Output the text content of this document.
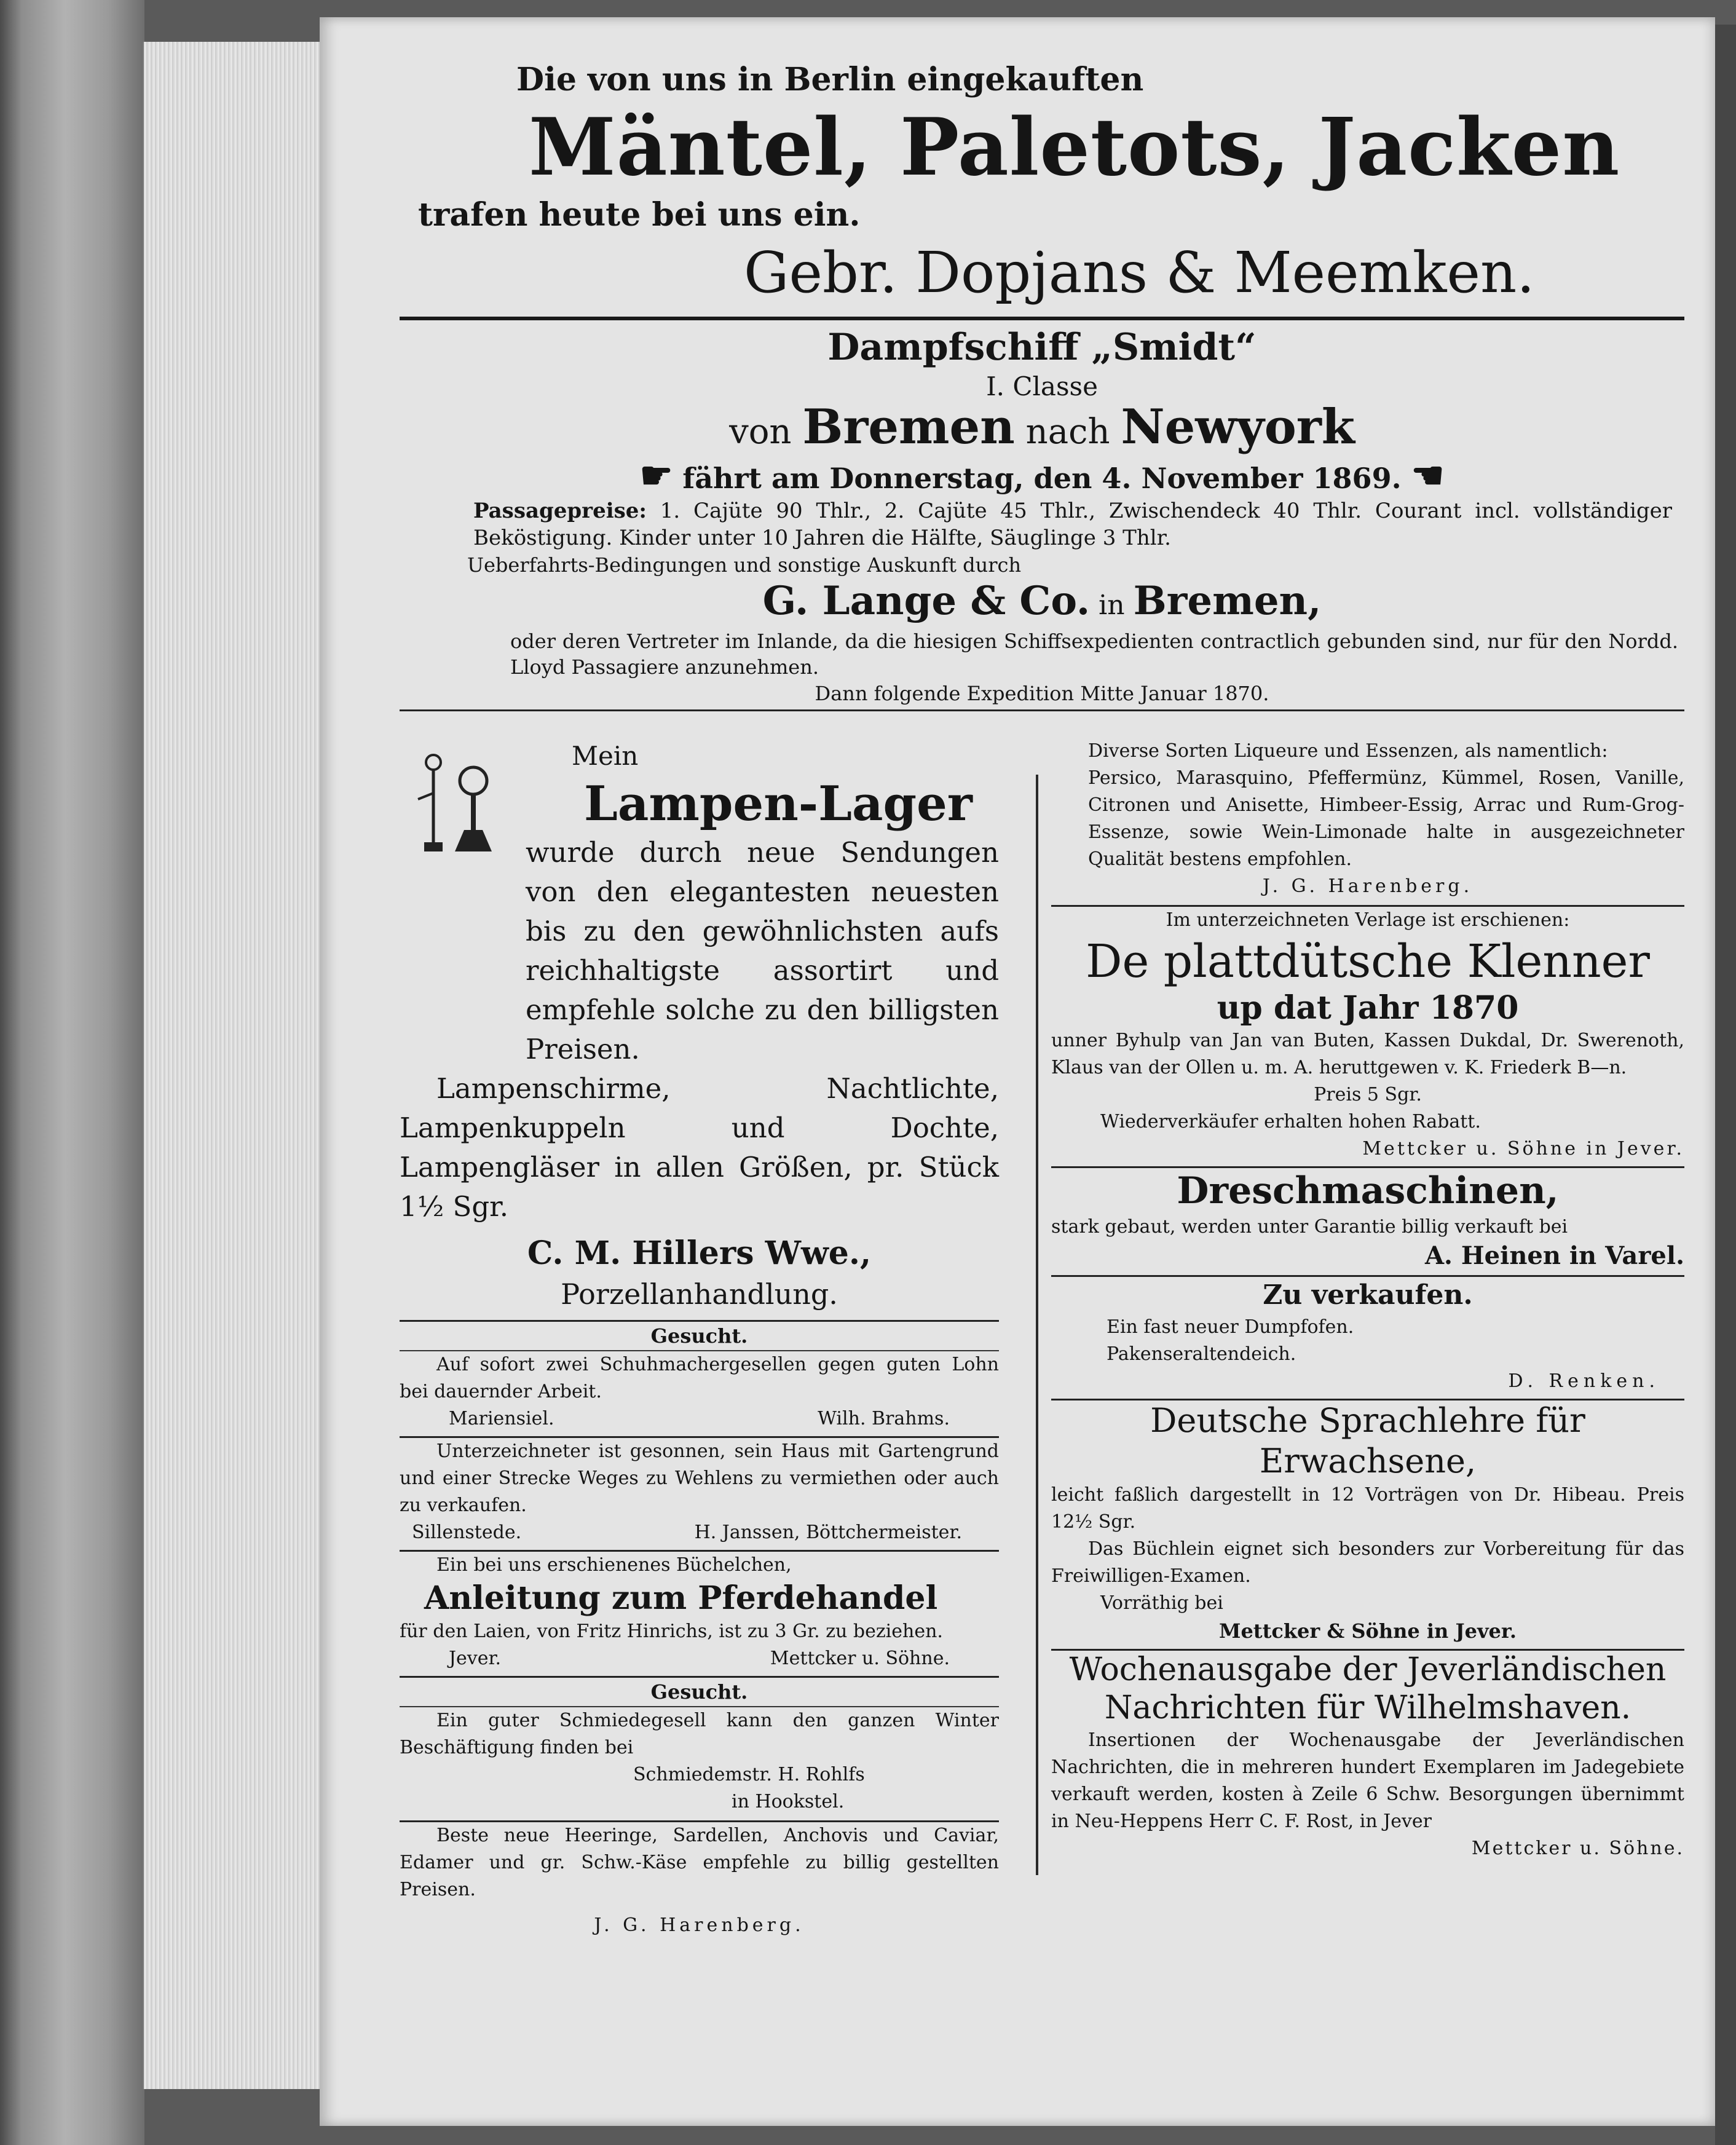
Die von uns in Berlin eingekauften

Mäntel, Paletots, Jacken

trafen heute bei uns ein.

Gebr. Dopjans & Meemken.

Dampfschiff „Smidt“

I. Classe

von Bremen nach Newyork

☛ fährt am Donnerstag, den 4. November 1869. ☚

Passagepreise: 1. Cajüte 90 Thlr., 2. Cajüte 45 Thlr., Zwischendeck 40 Thlr. Courant incl. vollständiger Beköstigung. Kinder unter 10 Jahren die Hälfte, Säuglinge 3 Thlr.

Ueberfahrts-Bedingungen und sonstige Auskunft durch

G. Lange & Co. in Bremen,

oder deren Vertreter im Inlande, da die hiesigen Schiffsexpedienten contractlich gebunden sind, nur für den Nordd. Lloyd Passagiere anzunehmen.

Dann folgende Expedition Mitte Januar 1870.

Mein

Lampen-Lager

wurde durch neue Sendungen von den elegantesten neuesten bis zu den gewöhnlichsten aufs reichhaltigste assortirt und empfehle solche zu den billigsten Preisen.

Lampenschirme, Nachtlichte, Lampenkuppeln und Dochte, Lampengläser in allen Größen, pr. Stück 1½ Sgr.

C. M. Hillers Wwe.,

Porzellanhandlung.

Gesucht.

Auf sofort zwei Schuhmachergesellen gegen guten Lohn bei dauernder Arbeit.

Mariensiel.	Wilh. Brahms.

Unterzeichneter ist gesonnen, sein Haus mit Gartengrund und einer Strecke Weges zu Wehlens zu vermiethen oder auch zu verkaufen.

Sillenstede.	H. Janssen, Böttchermeister.

Ein bei uns erschienenes Büchelchen,

Anleitung zum Pferdehandel

für den Laien, von Fritz Hinrichs, ist zu 3 Gr. zu beziehen.

Jever.	Mettcker u. Söhne.

Gesucht.

Ein guter Schmiedegesell kann den ganzen Winter Beschäftigung finden bei

Schmiedemstr. H. Rohlfs

in Hookstel.

Beste neue Heeringe, Sardellen, Anchovis und Caviar, Edamer und gr. Schw.-Käse empfehle zu billig gestellten Preisen.

J. G. Harenberg.

Diverse Sorten Liqueure und Essenzen, als namentlich:

Persico, Marasquino, Pfeffermünz, Kümmel, Rosen, Vanille, Citronen und Anisette, Himbeer-Essig, Arrac und Rum-Grog-Essenze, sowie Wein-Limonade halte in ausgezeichneter Qualität bestens empfohlen.

J. G. Harenberg.

Im unterzeichneten Verlage ist erschienen:

De plattdütsche Klenner

up dat Jahr 1870

unner Byhulp van Jan van Buten, Kassen Dukdal, Dr. Swerenoth, Klaus van der Ollen u. m. A. heruttgewen v. K. Friederk B—n.

Preis 5 Sgr.

Wiederverkäufer erhalten hohen Rabatt.

Mettcker u. Söhne in Jever.

Dreschmaschinen,

stark gebaut, werden unter Garantie billig verkauft bei

A. Heinen in Varel.

Zu verkaufen.

Ein fast neuer Dumpfofen.

Pakenseraltendeich.

D. Renken.

Deutsche Sprachlehre für Erwachsene,

leicht faßlich dargestellt in 12 Vorträgen von Dr. Hibeau. Preis 12½ Sgr.

Das Büchlein eignet sich besonders zur Vorbereitung für das Freiwilligen-Examen.

Vorräthig bei

Mettcker & Söhne in Jever.

Wochenausgabe der Jeverländischen

Nachrichten für Wilhelmshaven.

Insertionen der Wochenausgabe der Jeverländischen Nachrichten, die in mehreren hundert Exemplaren im Jadegebiete verkauft werden, kosten à Zeile 6 Schw. Besorgungen übernimmt in Neu-Heppens Herr C. F. Rost, in Jever

Mettcker u. Söhne.
